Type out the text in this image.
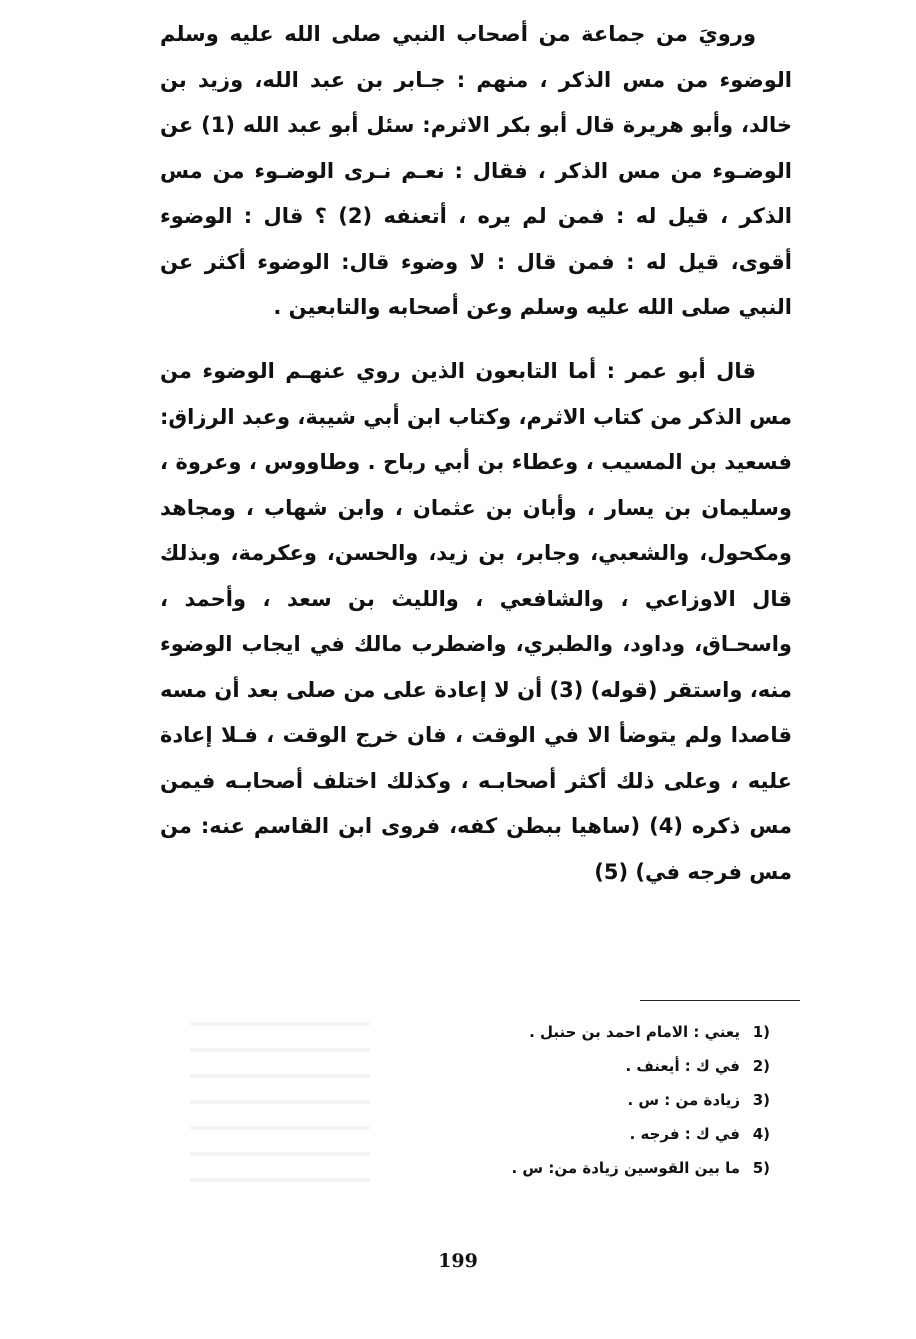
ورويَ من جماعة من أصحاب النبي صلى الله عليه وسلم الوضوء من مس الذكر ، منهم : جـابر بن عبد الله، وزيد بن خالد، وأبو هريرة قال أبو بكر الاثرم: سئل أبو عبد الله (1) عن الوضـوء من مس الذكر ، فقال : نعـم نـرى الوضـوء من مس الذكر ، قيل له : فمن لم يره ، أتعنفه (2) ؟ قال : الوضوء أقوى، قيل له : فمن قال : لا وضوء قال: الوضوء أكثر عن النبي صلى الله عليه وسلم وعن أصحابه والتابعين .

قال أبو عمر : أما التابعون الذين روي عنهـم الوضوء من مس الذكر من كتاب الاثرم، وكتاب ابن أبي شيبة، وعبد الرزاق: فسعيد بن المسيب ، وعطاء بن أبي رباح . وطاووس ، وعروة ، وسليمان بن يسار ، وأبان بن عثمان ، وابن شهاب ، ومجاهد ومكحول، والشعبي، وجابر، بن زيد، والحسن، وعكرمة، وبذلك قال الاوزاعي ، والشافعي ، والليث بن سعد ، وأحمد ، واسحـاق، وداود، والطبري، واضطرب مالك في ايجاب الوضوء منه، واستقر (قوله) (3) أن لا إعادة على من صلى بعد أن مسه قاصدا ولم يتوضأ الا في الوقت ، فان خرج الوقت ، فـلا إعادة عليه ، وعلى ذلك أكثر أصحابـه ، وكذلك اختلف أصحابـه فيمن مس ذكره (4) (ساهيا ببطن كفه، فروى ابن القاسم عنه: من مس فرجه في) (5)

1)
يعني : الامام احمد بن حنبل .
2)
في ك : أيعنف .
3)
زيادة من : س .
4)
في ك : فرجه .
5)
ما بين القوسين زيادة من: س .
199
